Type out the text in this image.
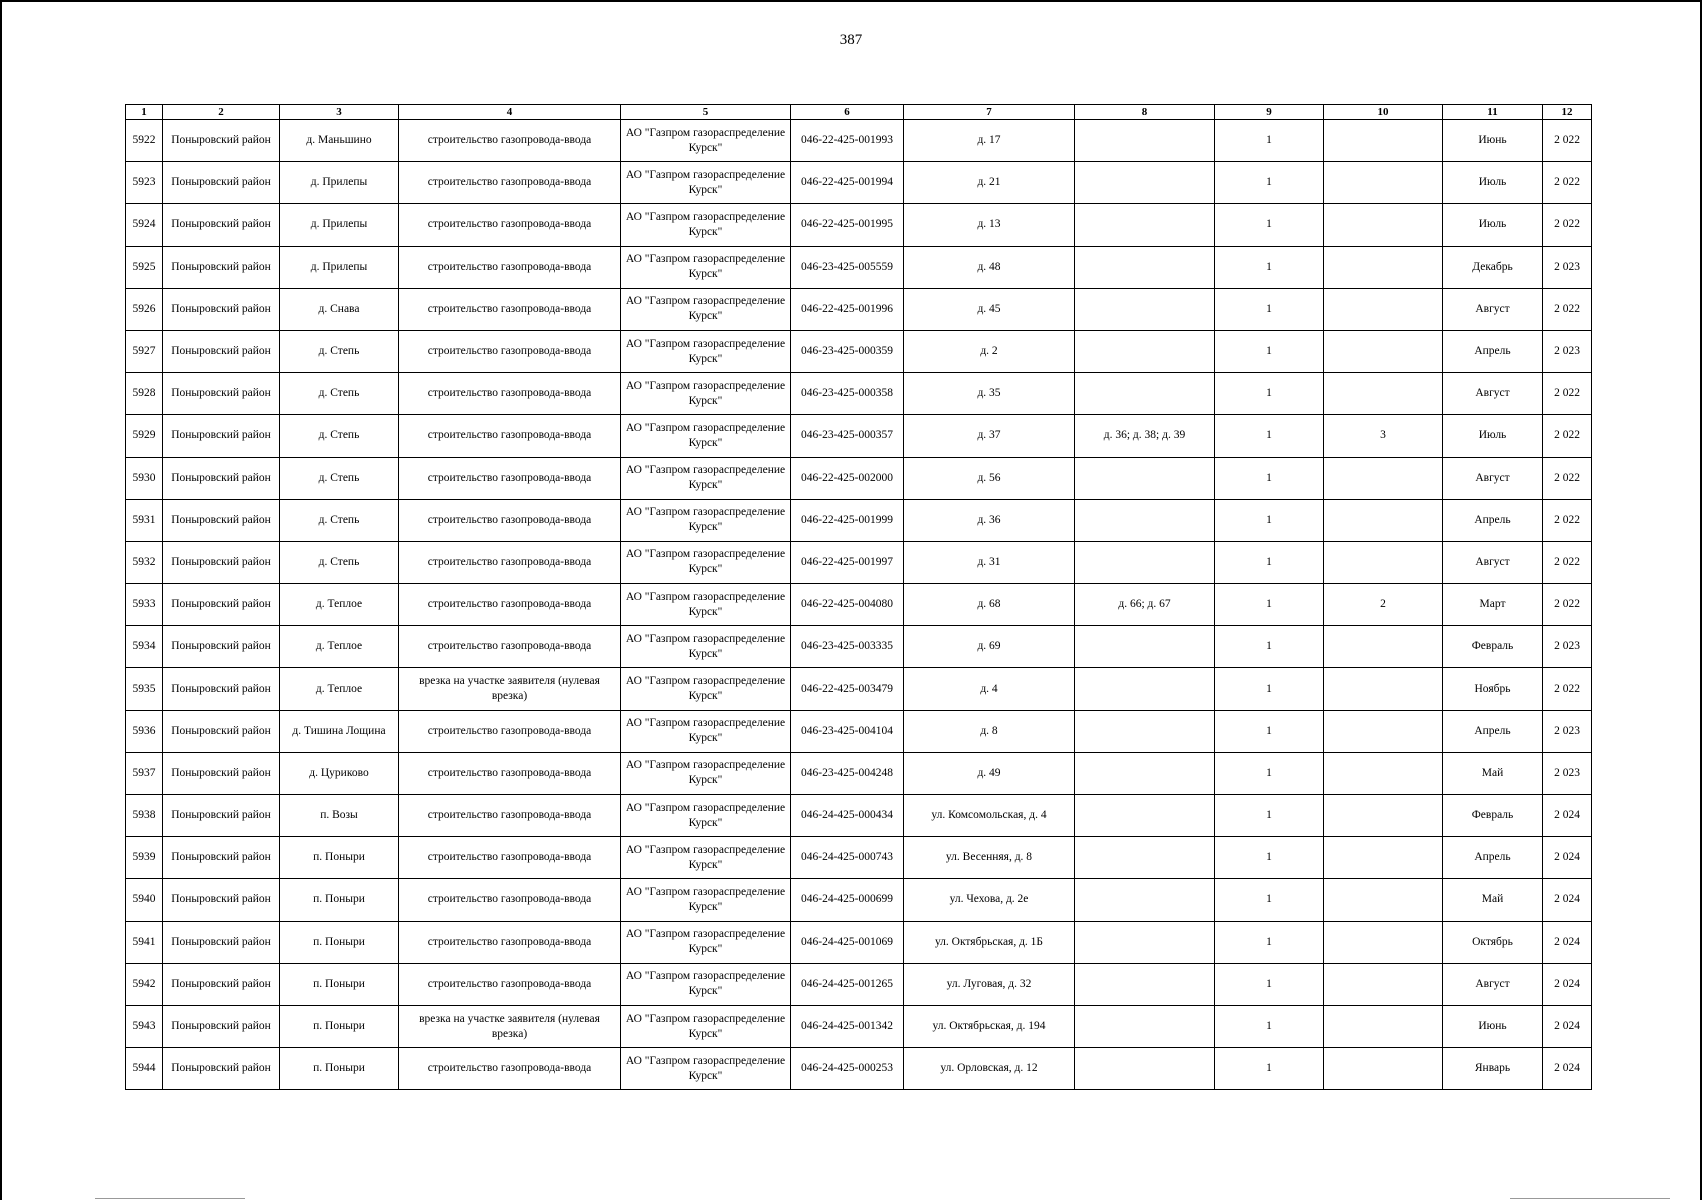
387
1	2	3	4	5	6	7	8	9	10	11	12
5922	Поныровский район	д. Маньшино	строительство газопровода-ввода	АО "Газпром газораспределение Курск"	046-22-425-001993	д. 17		1		Июнь	2 022
5923	Поныровский район	д. Прилепы	строительство газопровода-ввода	АО "Газпром газораспределение Курск"	046-22-425-001994	д. 21		1		Июль	2 022
5924	Поныровский район	д. Прилепы	строительство газопровода-ввода	АО "Газпром газораспределение Курск"	046-22-425-001995	д. 13		1		Июль	2 022
5925	Поныровский район	д. Прилепы	строительство газопровода-ввода	АО "Газпром газораспределение Курск"	046-23-425-005559	д. 48		1		Декабрь	2 023
5926	Поныровский район	д. Снава	строительство газопровода-ввода	АО "Газпром газораспределение Курск"	046-22-425-001996	д. 45		1		Август	2 022
5927	Поныровский район	д. Степь	строительство газопровода-ввода	АО "Газпром газораспределение Курск"	046-23-425-000359	д. 2		1		Апрель	2 023
5928	Поныровский район	д. Степь	строительство газопровода-ввода	АО "Газпром газораспределение Курск"	046-23-425-000358	д. 35		1		Август	2 022
5929	Поныровский район	д. Степь	строительство газопровода-ввода	АО "Газпром газораспределение Курск"	046-23-425-000357	д. 37	д. 36; д. 38; д. 39	1	3	Июль	2 022
5930	Поныровский район	д. Степь	строительство газопровода-ввода	АО "Газпром газораспределение Курск"	046-22-425-002000	д. 56		1		Август	2 022
5931	Поныровский район	д. Степь	строительство газопровода-ввода	АО "Газпром газораспределение Курск"	046-22-425-001999	д. 36		1		Апрель	2 022
5932	Поныровский район	д. Степь	строительство газопровода-ввода	АО "Газпром газораспределение Курск"	046-22-425-001997	д. 31		1		Август	2 022
5933	Поныровский район	д. Теплое	строительство газопровода-ввода	АО "Газпром газораспределение Курск"	046-22-425-004080	д. 68	д. 66; д. 67	1	2	Март	2 022
5934	Поныровский район	д. Теплое	строительство газопровода-ввода	АО "Газпром газораспределение Курск"	046-23-425-003335	д. 69		1		Февраль	2 023
5935	Поныровский район	д. Теплое	врезка на участке заявителя (нулевая врезка)	АО "Газпром газораспределение Курск"	046-22-425-003479	д. 4		1		Ноябрь	2 022
5936	Поныровский район	д. Тишина Лощина	строительство газопровода-ввода	АО "Газпром газораспределение Курск"	046-23-425-004104	д. 8		1		Апрель	2 023
5937	Поныровский район	д. Цуриково	строительство газопровода-ввода	АО "Газпром газораспределение Курск"	046-23-425-004248	д. 49		1		Май	2 023
5938	Поныровский район	п. Возы	строительство газопровода-ввода	АО "Газпром газораспределение Курск"	046-24-425-000434	ул. Комсомольская, д. 4		1		Февраль	2 024
5939	Поныровский район	п. Поныри	строительство газопровода-ввода	АО "Газпром газораспределение Курск"	046-24-425-000743	ул. Весенняя, д. 8		1		Апрель	2 024
5940	Поныровский район	п. Поныри	строительство газопровода-ввода	АО "Газпром газораспределение Курск"	046-24-425-000699	ул. Чехова, д. 2е		1		Май	2 024
5941	Поныровский район	п. Поныри	строительство газопровода-ввода	АО "Газпром газораспределение Курск"	046-24-425-001069	ул. Октябрьская, д. 1Б		1		Октябрь	2 024
5942	Поныровский район	п. Поныри	строительство газопровода-ввода	АО "Газпром газораспределение Курск"	046-24-425-001265	ул. Луговая, д. 32		1		Август	2 024
5943	Поныровский район	п. Поныри	врезка на участке заявителя (нулевая врезка)	АО "Газпром газораспределение Курск"	046-24-425-001342	ул. Октябрьская, д. 194		1		Июнь	2 024
5944	Поныровский район	п. Поныри	строительство газопровода-ввода	АО "Газпром газораспределение Курск"	046-24-425-000253	ул. Орловская, д. 12		1		Январь	2 024
